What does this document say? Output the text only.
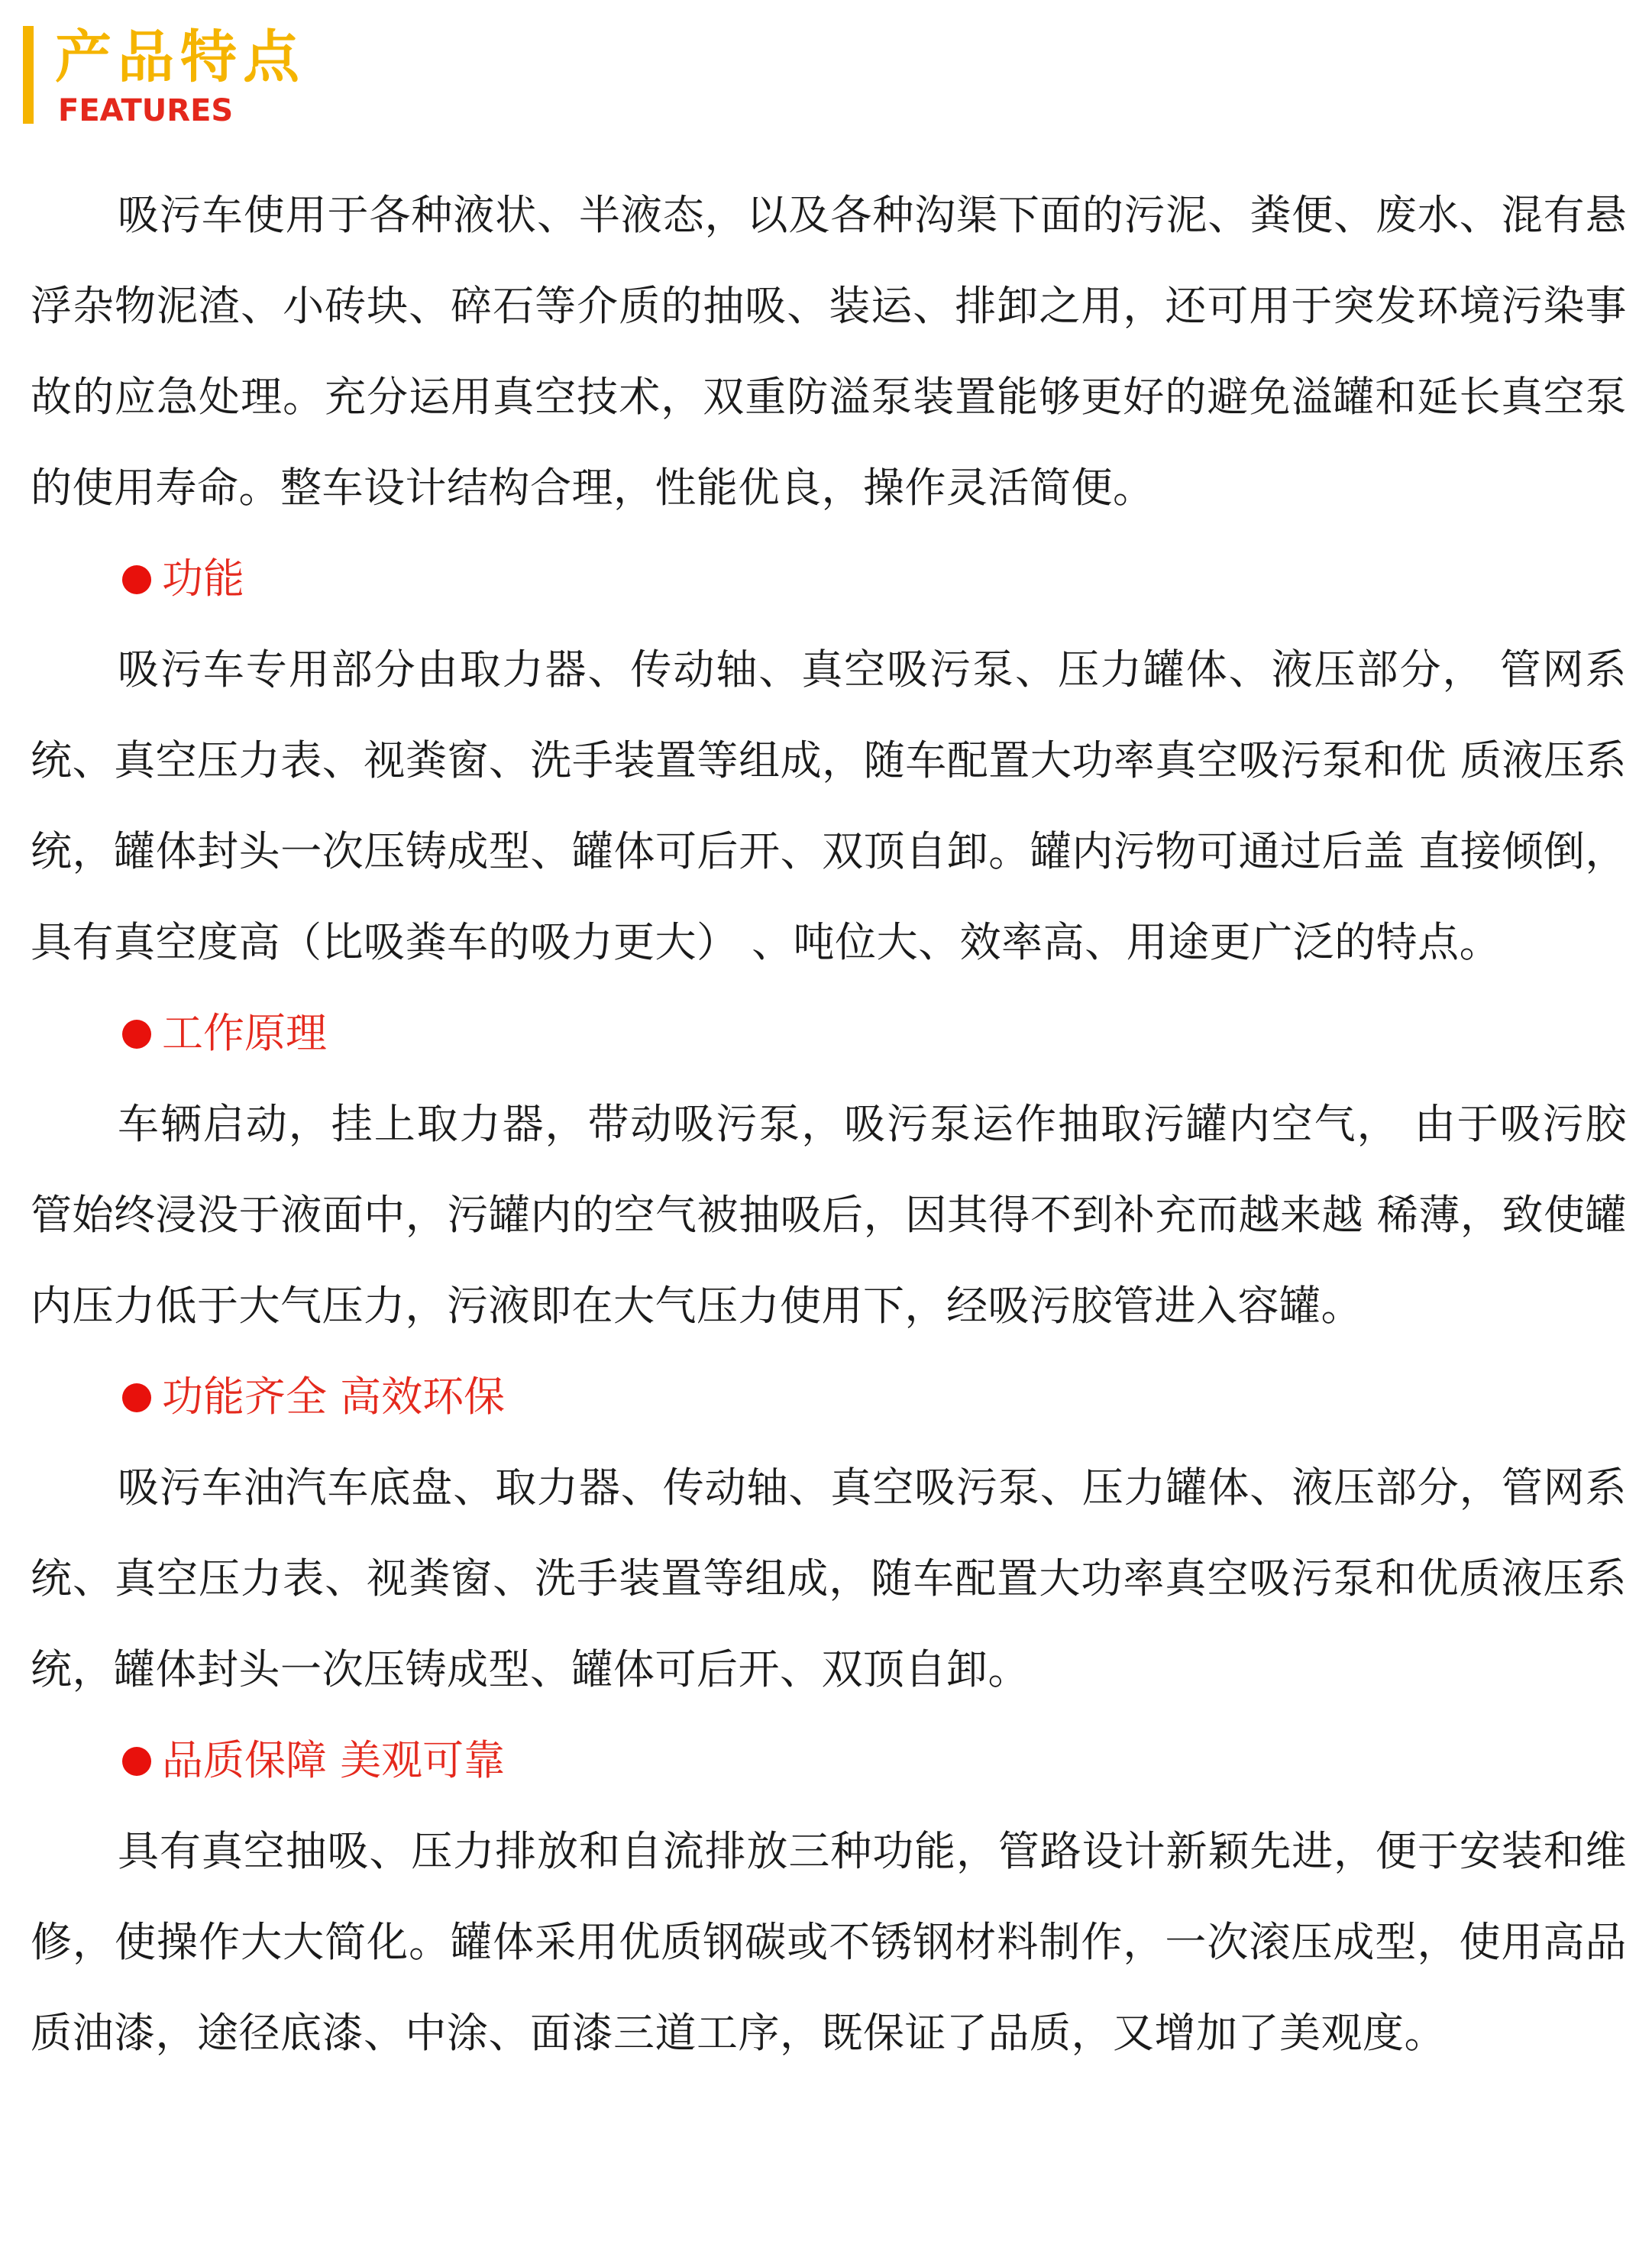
产品特点
FEATURES

吸污车使用于各种液状、半液态，以及各种沟渠下面的污泥、粪便、废水、混有悬浮杂物泥渣、小砖块、碎石等介质的抽吸、装运、排卸之用，还可用于突发环境污染事故的应急处理。充分运用真空技术，双重防溢泵装置能够更好的避免溢罐和延长真空泵的使用寿命。整车设计结构合理，性能优良，操作灵活简便。

功能

吸污车专用部分由取力器、传动轴、真空吸污泵、压力罐体、液压部分， 管网系统、真空压力表、视粪窗、洗手装置等组成，随车配置大功率真空吸污泵和优 质液压系统，罐体封头一次压铸成型、罐体可后开、双顶自卸。罐内污物可通过后盖 直接倾倒，具有真空度高（比吸粪车的吸力更大） 、吨位大、效率高、用途更广泛的特点。

工作原理

车辆启动，挂上取力器，带动吸污泵，吸污泵运作抽取污罐内空气， 由于吸污胶管始终浸没于液面中，污罐内的空气被抽吸后，因其得不到补充而越来越 稀薄，致使罐内压力低于大气压力，污液即在大气压力使用下，经吸污胶管进入容罐。

功能齐全 高效环保

吸污车油汽车底盘、取力器、传动轴、真空吸污泵、压力罐体、液压部分，管网系统、真空压力表、视粪窗、洗手装置等组成，随车配置大功率真空吸污泵和优质液压系统，罐体封头一次压铸成型、罐体可后开、双顶自卸。

品质保障 美观可靠

具有真空抽吸、压力排放和自流排放三种功能，管路设计新颖先进，便于安装和维修，使操作大大简化。罐体采用优质钢碳或不锈钢材料制作，一次滚压成型，使用高品质油漆，途径底漆、中涂、面漆三道工序，既保证了品质，又增加了美观度。
